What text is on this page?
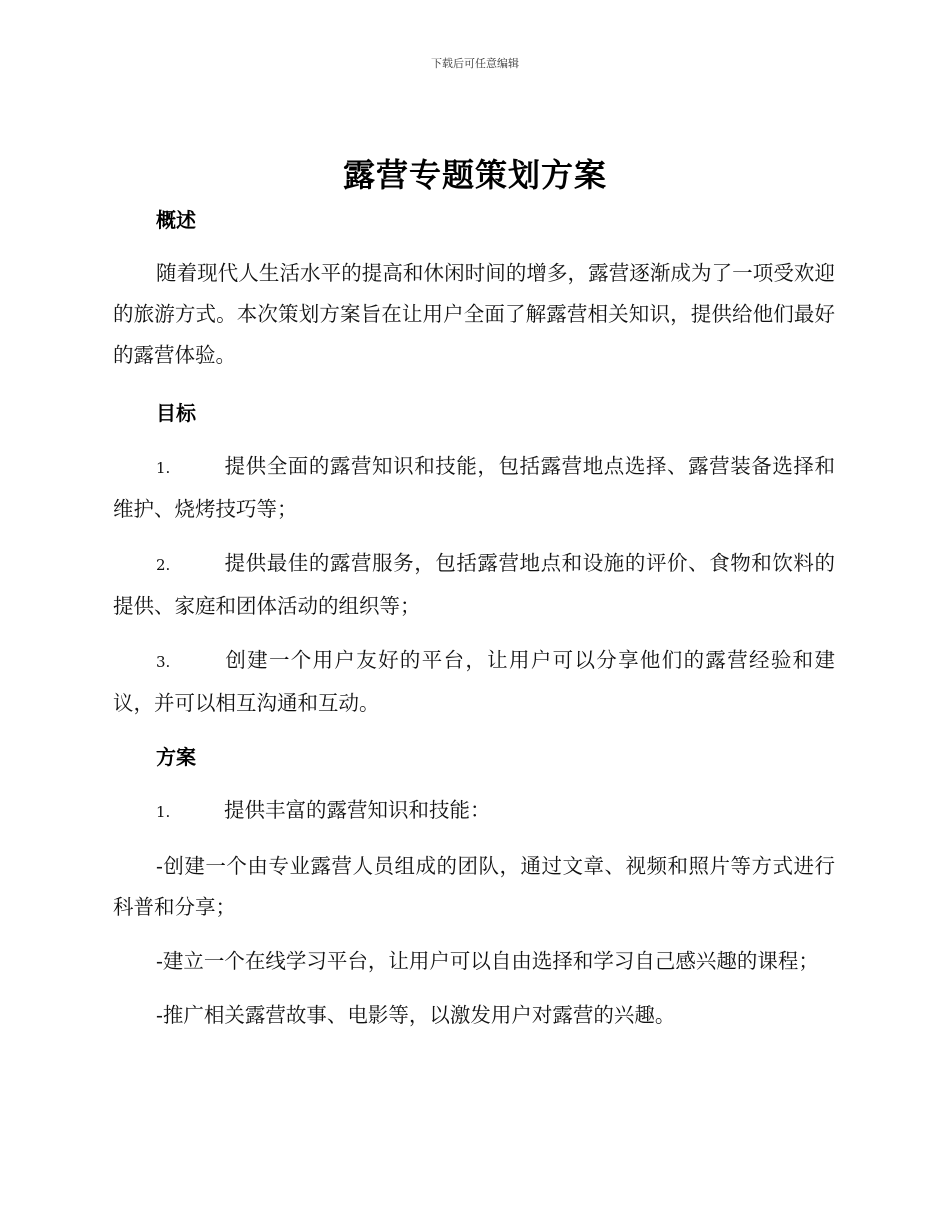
下载后可任意编辑
露营专题策划方案
概述

随着现代人生活水平的提高和休闲时间的增多，露营逐渐成为了一项受欢迎的旅游方式。本次策划方案旨在让用户全面了解露营相关知识，提供给他们最好的露营体验。

目标

1.	提供全面的露营知识和技能，包括露营地点选择、露营装备选择和维护、烧烤技巧等；

2.	提供最佳的露营服务，包括露营地点和设施的评价、食物和饮料的提供、家庭和团体活动的组织等；

3.	创建一个用户友好的平台，让用户可以分享他们的露营经验和建议，并可以相互沟通和互动。

方案

1.	提供丰富的露营知识和技能：

-创建一个由专业露营人员组成的团队，通过文章、视频和照片等方式进行科普和分享；

-建立一个在线学习平台，让用户可以自由选择和学习自己感兴趣的课程；

-推广相关露营故事、电影等，以激发用户对露营的兴趣。
